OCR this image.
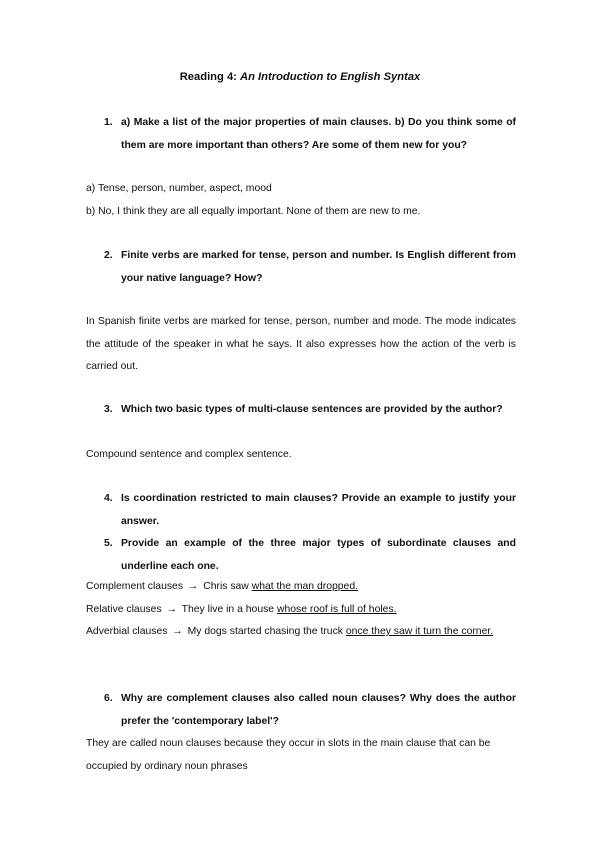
Reading 4: An Introduction to English Syntax
1. a) Make a list of the major properties of main clauses. b) Do you think some of them are more important than others? Are some of them new for you?
a) Tense, person, number, aspect, mood
b) No, I think they are all equally important. None of them are new to me.
2. Finite verbs are marked for tense, person and number. Is English different from your native language? How?
In Spanish finite verbs are marked for tense, person, number and mode. The mode indicates the attitude of the speaker in what he says. It also expresses how the action of the verb is carried out.
3. Which two basic types of multi-clause sentences are provided by the author?
Compound sentence and complex sentence.
4. Is coordination restricted to main clauses? Provide an example to justify your answer.
5. Provide an example of the three major types of subordinate clauses and underline each one.
Complement clauses → Chris saw what the man dropped.
Relative clauses → They live in a house whose roof is full of holes.
Adverbial clauses → My dogs started chasing the truck once they saw it turn the corner.
6. Why are complement clauses also called noun clauses? Why does the author prefer the 'contemporary label'?
They are called noun clauses because they occur in slots in the main clause that can be occupied by ordinary noun phrases
